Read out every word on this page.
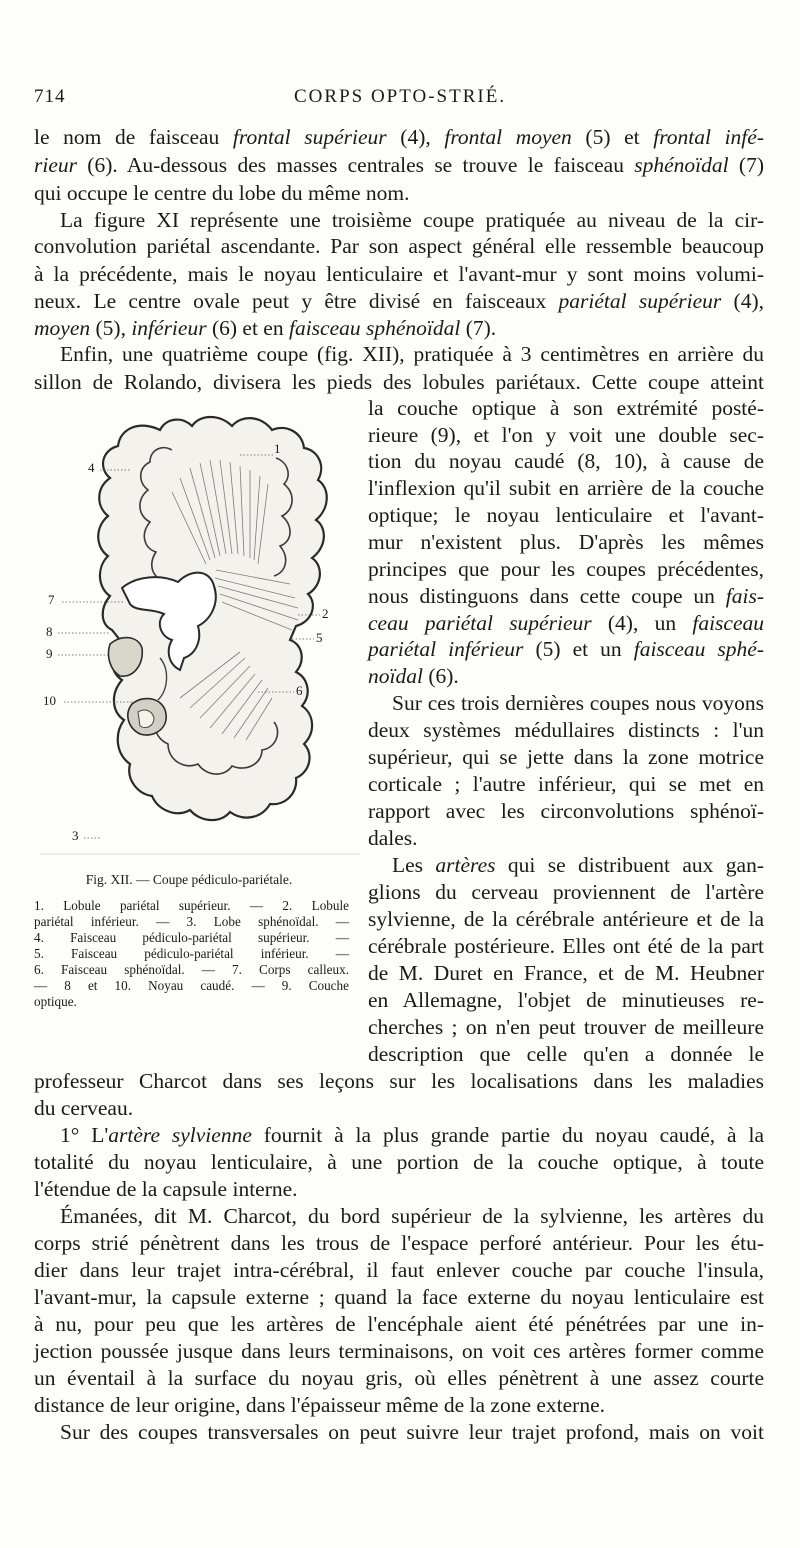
714	CORPS OPTO-STRIÉ.
le nom de faisceau frontal supérieur (4), frontal moyen (5) et frontal infé-
rieur (6). Au-dessous des masses centrales se trouve le faisceau sphénoïdal (7)
qui occupe le centre du lobe du même nom.
La figure XI représente une troisième coupe pratiquée au niveau de la cir-
convolution pariétal ascendante. Par son aspect général elle ressemble beaucoup
à la précédente, mais le noyau lenticulaire et l'avant-mur y sont moins volumi-
neux. Le centre ovale peut y être divisé en faisceaux pariétal supérieur (4),
moyen (5), inférieur (6) et en faisceau sphénoïdal (7).
Enfin, une quatrième coupe (fig. XII), pratiquée à 3 centimètres en arrière du
sillon de Rolando, divisera les pieds des lobules pariétaux. Cette coupe atteint
1
4
7
8
9
10
2
5
6
3
la couche optique à son extrémité posté-
rieure (9), et l'on y voit une double sec-
tion du noyau caudé (8, 10), à cause de
l'inflexion qu'il subit en arrière de la couche
optique; le noyau lenticulaire et l'avant-
mur n'existent plus. D'après les mêmes
principes que pour les coupes précédentes,
nous distinguons dans cette coupe un fais-
ceau pariétal supérieur (4), un faisceau
pariétal inférieur (5) et un faisceau sphé-
noïdal (6).
Sur ces trois dernières coupes nous voyons
deux systèmes médullaires distincts : l'un
supérieur, qui se jette dans la zone motrice
corticale ; l'autre inférieur, qui se met en
rapport avec les circonvolutions sphénoï-
dales.
Les artères qui se distribuent aux gan-
glions du cerveau proviennent de l'artère
sylvienne, de la cérébrale antérieure et de la
cérébrale postérieure. Elles ont été de la part
de M. Duret en France, et de M. Heubner
en Allemagne, l'objet de minutieuses re-
cherches ; on n'en peut trouver de meilleure
description que celle qu'en a donnée le
Fig. XII. — Coupe pédiculo-pariétale.
1. Lobule pariétal supérieur. — 2. Lobule
pariétal inférieur. — 3. Lobe sphénoïdal. —
4. Faisceau pédiculo-pariétal supérieur. —
5. Faisceau pédiculo-pariétal inférieur. —
6. Faisceau sphénoïdal. — 7. Corps calleux.
— 8 et 10. Noyau caudé. — 9. Couche
optique.
professeur Charcot dans ses leçons sur les localisations dans les maladies
du cerveau.
1° L'artère sylvienne fournit à la plus grande partie du noyau caudé, à la
totalité du noyau lenticulaire, à une portion de la couche optique, à toute
l'étendue de la capsule interne.
Émanées, dit M. Charcot, du bord supérieur de la sylvienne, les artères du
corps strié pénètrent dans les trous de l'espace perforé antérieur. Pour les étu-
dier dans leur trajet intra-cérébral, il faut enlever couche par couche l'insula,
l'avant-mur, la capsule externe ; quand la face externe du noyau lenticulaire est
à nu, pour peu que les artères de l'encéphale aient été pénétrées par une in-
jection poussée jusque dans leurs terminaisons, on voit ces artères former comme
un éventail à la surface du noyau gris, où elles pénètrent à une assez courte
distance de leur origine, dans l'épaisseur même de la zone externe.
Sur des coupes transversales on peut suivre leur trajet profond, mais on voit
